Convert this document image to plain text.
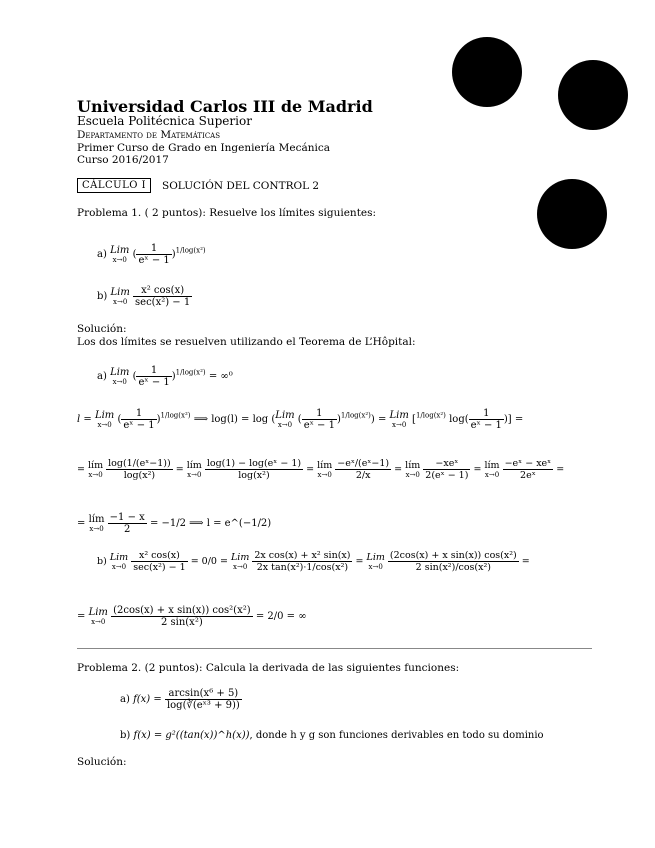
Universidad Carlos III de Madrid
Escuela Politécnica Superior
Departamento de Matemáticas
Primer Curso de Grado en Ingeniería Mecánica
Curso 2016/2017
CÁLCULO I	SOLUCIÓN DEL CONTROL 2
Problema 1. ( 2 puntos): Resuelve los límites siguientes:
a) Lim
x→0 ( $\frac{1}{\text{eˣ − 1}} )^{1/log(x^2)}$
b) Lim
x→0
$\frac{\text{x² cos(x)}}{\text{sec(x²) − 1}}$
Solución:
Los dos límites se resuelven utilizando el Teorema de L’Hôpital:
a) Lim
x→0 ( $\frac{1}{\text{eˣ − 1}} )^{1/log(x^2)} = \infty^0$
l = Lim
x→0 ( $\frac{1}{\text{eˣ − 1}} )^{1/log(x^2)}$ ⟹ log(l) = log ( Lim
x→0 ( $\frac{1}{\text{eˣ − 1}} )^{1/log(x^2)}$) = Lim
x→0 [$^{1/log(x^2)}$ $\log( \frac{1}{\text{eˣ − 1}}$ )] =
= lím
x→0
$\frac{\text{log(1/(eˣ−1))}}{\text{log(x²)}}$ = lím
x→0
$\frac{\text{log(1) − log(eˣ − 1)}}{\text{log(x²)}}$ = lím
x→0
$\frac{\text{−eˣ/(eˣ−1)}}{2/x}$ = lím
x→0
$\frac{\text{−xeˣ}}{\text{2(eˣ − 1)}}$ = lím
x→0
$\frac{\text{−eˣ − xeˣ}}{\text{2eˣ}}$ =
= lím
x→0
$\frac{-1 - x}{2} = -1/2$ ⟹ l = e^(−1/2)
b) Lim
x→0
$\frac{\text{x² cos(x)}}{\text{sec(x²) − 1}} = 0/0$ = Lim
x→0
$\frac{\text{2x cos(x) + x² sin(x)}}{\text{2x tan(x²)·1/cos(x²)}}$ = Lim
x→0
$\frac{\text{(2cos(x) + x sin(x)) cos(x²)}}{\text{2 sin(x²)/cos(x²)}}$ =
= Lim
x→0
$\frac{\text{(2cos(x) + x sin(x)) cos²(x²)}}{\text{2 sin(x²)}} = 2/0$ = ∞
Problema 2. (2 puntos): Calcula la derivada de las siguientes funciones:
a) $f(x) = \frac{\text{arcsin(x⁶ + 5)}}{\text{log(∛(eˣ³ + 9))}}$
b) f(x) = g²((tan(x))^h(x)), donde h y g son funciones derivables en todo su dominio
Solución:
